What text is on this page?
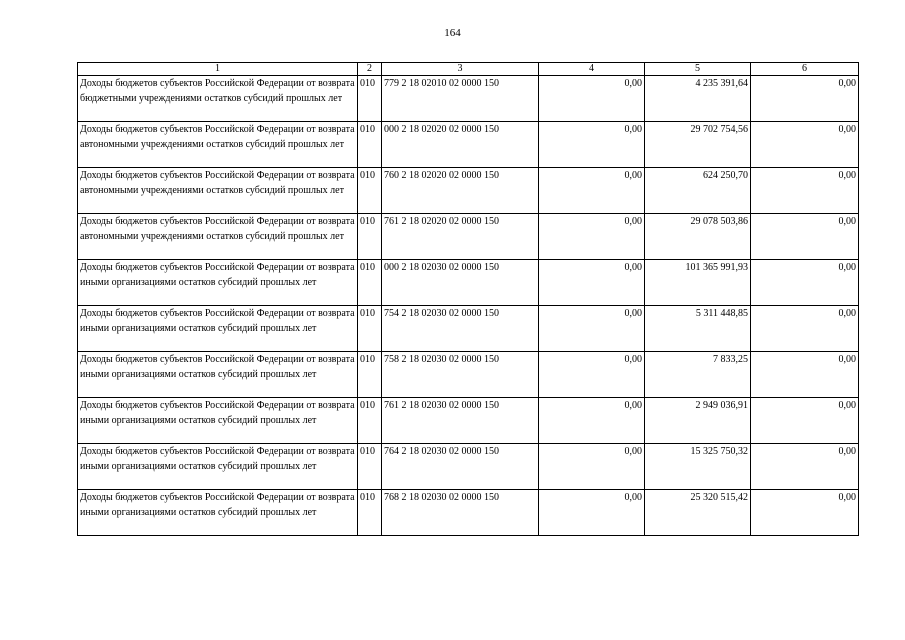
164
1	2	3	4	5	6
Доходы бюджетов субъектов Российской Федерации от возврата бюджетными учреждениями остатков субсидий прошлых лет	010	779 2 18 02010 02 0000 150	0,00	4 235 391,64	0,00
Доходы бюджетов субъектов Российской Федерации от возврата автономными учреждениями остатков субсидий прошлых лет	010	000 2 18 02020 02 0000 150	0,00	29 702 754,56	0,00
Доходы бюджетов субъектов Российской Федерации от возврата автономными учреждениями остатков субсидий прошлых лет	010	760 2 18 02020 02 0000 150	0,00	624 250,70	0,00
Доходы бюджетов субъектов Российской Федерации от возврата автономными учреждениями остатков субсидий прошлых лет	010	761 2 18 02020 02 0000 150	0,00	29 078 503,86	0,00
Доходы бюджетов субъектов Российской Федерации от возврата иными организациями остатков субсидий прошлых лет	010	000 2 18 02030 02 0000 150	0,00	101 365 991,93	0,00
Доходы бюджетов субъектов Российской Федерации от возврата иными организациями остатков субсидий прошлых лет	010	754 2 18 02030 02 0000 150	0,00	5 311 448,85	0,00
Доходы бюджетов субъектов Российской Федерации от возврата иными организациями остатков субсидий прошлых лет	010	758 2 18 02030 02 0000 150	0,00	7 833,25	0,00
Доходы бюджетов субъектов Российской Федерации от возврата иными организациями остатков субсидий прошлых лет	010	761 2 18 02030 02 0000 150	0,00	2 949 036,91	0,00
Доходы бюджетов субъектов Российской Федерации от возврата иными организациями остатков субсидий прошлых лет	010	764 2 18 02030 02 0000 150	0,00	15 325 750,32	0,00
Доходы бюджетов субъектов Российской Федерации от возврата иными организациями остатков субсидий прошлых лет	010	768 2 18 02030 02 0000 150	0,00	25 320 515,42	0,00
